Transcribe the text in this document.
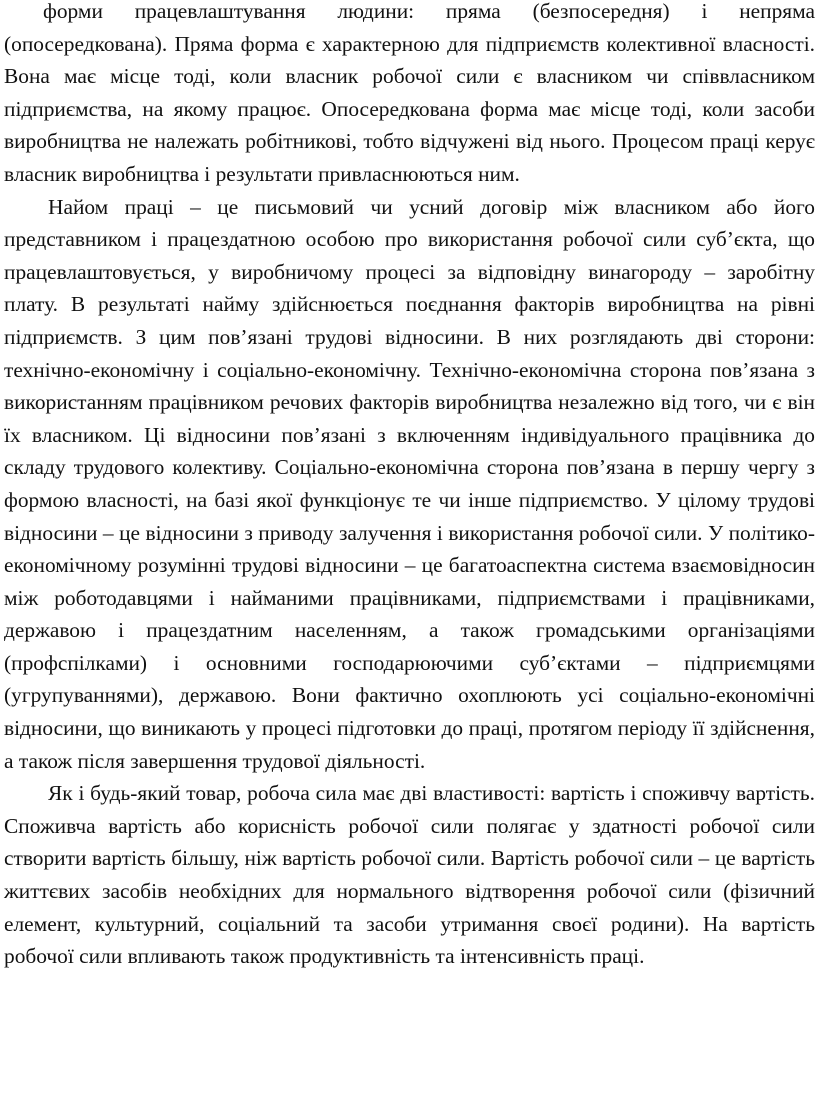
форми працевлаштування людини: пряма (безпосередня) і непряма (опосередкована). Пряма форма є характерною для підприємств колективної власності. Вона має місце тоді, коли власник робочої сили є власником чи співвласником підприємства, на якому працює. Опосередкована форма має місце тоді, коли засоби виробництва не належать робітникові, тобто відчужені від нього. Процесом праці керує власник виробництва і результати привласнюються ним.

Найом праці – це письмовий чи усний договір між власником або його представником і працездатною особою про використання робочої сили суб’єкта, що працевлаштовується, у виробничому процесі за відповідну винагороду – заробітну плату. В результаті найму здійснюється поєднання факторів виробництва на рівні підприємств. З цим пов’язані трудові відносини. В них розглядають дві сторони: технічно-економічну і соціально-економічну. Технічно-економічна сторона пов’язана з використанням працівником речових факторів виробництва незалежно від того, чи є він їх власником. Ці відносини пов’язані з включенням індивідуального працівника до складу трудового колективу. Соціально-економічна сторона пов’язана в першу чергу з формою власності, на базі якої функціонує те чи інше підприємство. У цілому трудові відносини – це відносини з приводу залучення і використання робочої сили. У політико-економічному розумінні трудові відносини – це багатоаспектна система взаємовідносин між роботодавцями і найманими працівниками, підприємствами і працівниками, державою і працездатним населенням, а також громадськими організаціями (профспілками) і основними господарюючими суб’єктами – підприємцями (угрупуваннями), державою. Вони фактично охоплюють усі соціально-економічні відносини, що виникають у процесі підготовки до праці, протягом періоду її здійснення, а також після завершення трудової діяльності.

Як і будь-який товар, робоча сила має дві властивості: вартість і споживчу вартість. Споживча вартість або корисність робочої сили полягає у здатності робочої сили створити вартість більшу, ніж вартість робочої сили. Вартість робочої сили – це вартість життєвих засобів необхідних для нормального відтворення робочої сили (фізичний елемент, культурний, соціальний та засоби утримання своєї родини). На вартість робочої сили впливають також продуктивність та інтенсивність праці.
